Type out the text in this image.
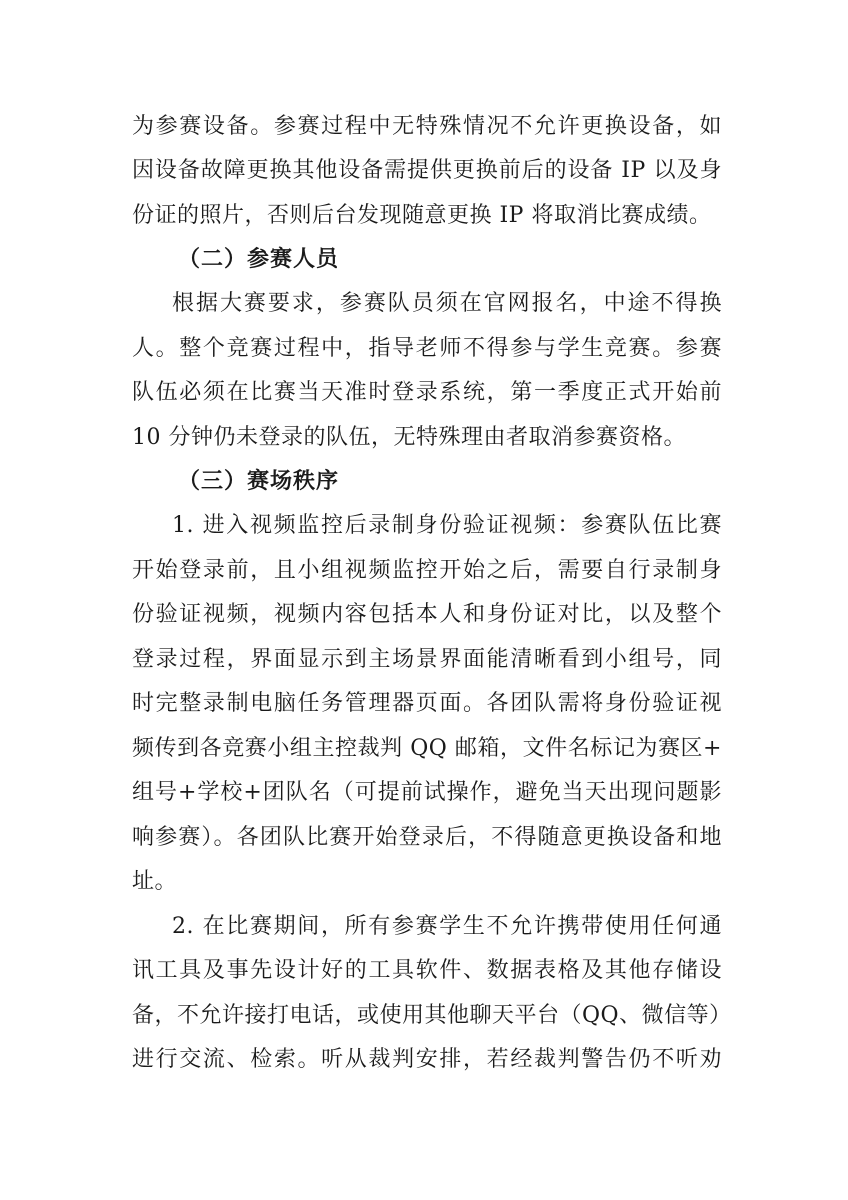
为参赛设备。参赛过程中无特殊情况不允许更换设备，如
因设备故障更换其他设备需提供更换前后的设备 IP 以及身
份证的照片，否则后台发现随意更换 IP 将取消比赛成绩。
（二）参赛人员
根据大赛要求，参赛队员须在官网报名，中途不得换
人。整个竞赛过程中，指导老师不得参与学生竞赛。参赛
队伍必须在比赛当天准时登录系统，第一季度正式开始前
10 分钟仍未登录的队伍，无特殊理由者取消参赛资格。
（三）赛场秩序
1. 进入视频监控后录制身份验证视频：参赛队伍比赛
开始登录前，且小组视频监控开始之后，需要自行录制身
份验证视频，视频内容包括本人和身份证对比，以及整个
登录过程，界面显示到主场景界面能清晰看到小组号，同
时完整录制电脑任务管理器页面。各团队需将身份验证视
频传到各竞赛小组主控裁判 QQ 邮箱，文件名标记为赛区+
组号+学校+团队名（可提前试操作，避免当天出现问题影
响参赛）。各团队比赛开始登录后，不得随意更换设备和地
址。
2. 在比赛期间，所有参赛学生不允许携带使用任何通
讯工具及事先设计好的工具软件、数据表格及其他存储设
备，不允许接打电话，或使用其他聊天平台（QQ、微信等）
进行交流、检索。听从裁判安排，若经裁判警告仍不听劝
